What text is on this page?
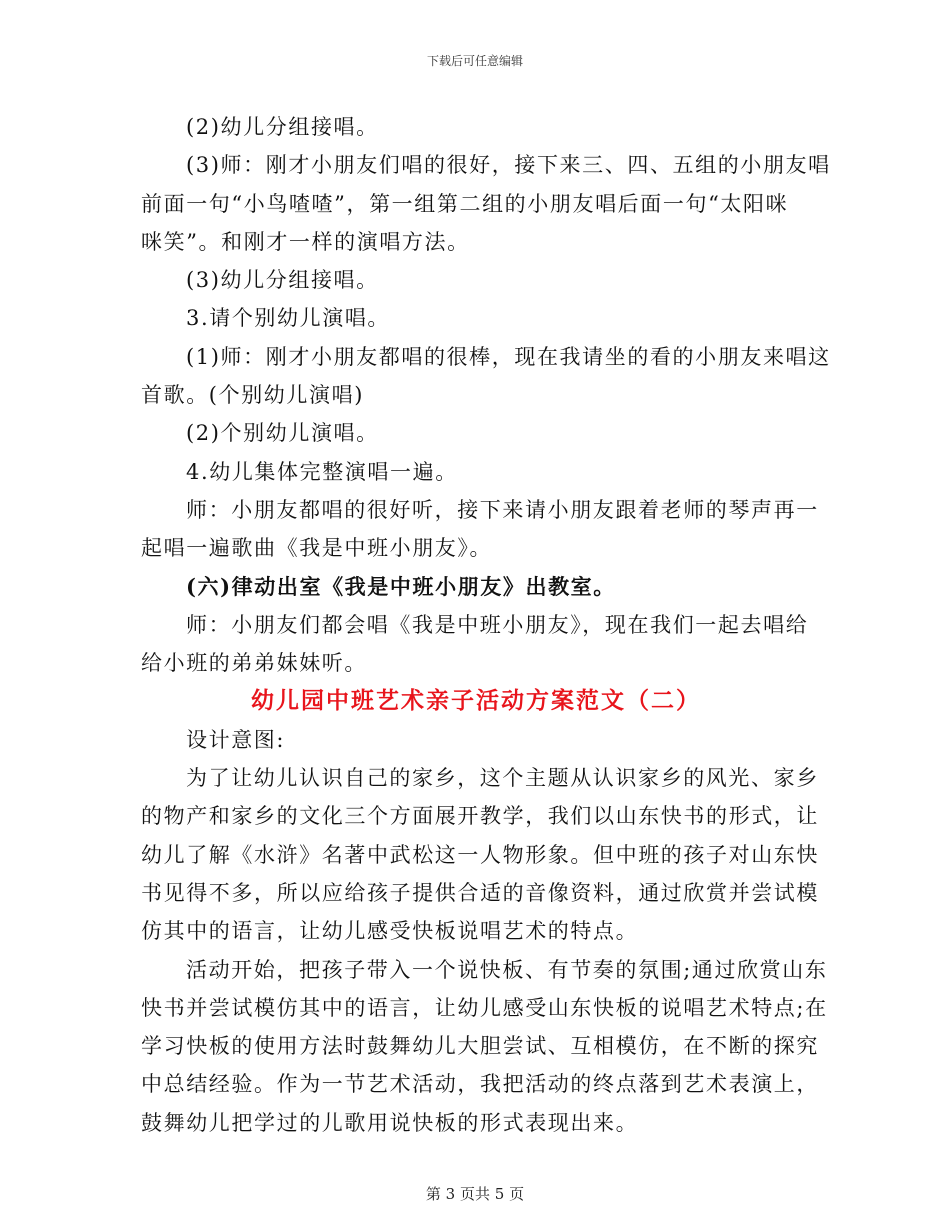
下载后可任意编辑
(2)幼儿分组接唱。
(3)师：刚才小朋友们唱的很好，接下来三、四、五组的小朋友唱
前面一句“小鸟喳喳”，第一组第二组的小朋友唱后面一句“太阳咪
咪笑”。和刚才一样的演唱方法。
(3)幼儿分组接唱。
3.请个别幼儿演唱。
(1)师：刚才小朋友都唱的很棒，现在我请坐的看的小朋友来唱这
首歌。(个别幼儿演唱)
(2)个别幼儿演唱。
4.幼儿集体完整演唱一遍。
师：小朋友都唱的很好听，接下来请小朋友跟着老师的琴声再一
起唱一遍歌曲《我是中班小朋友》。
(六)律动出室《我是中班小朋友》出教室。
师：小朋友们都会唱《我是中班小朋友》，现在我们一起去唱给
给小班的弟弟妹妹听。
幼儿园中班艺术亲子活动方案范文（二）
设计意图:
为了让幼儿认识自己的家乡，这个主题从认识家乡的风光、家乡
的物产和家乡的文化三个方面展开教学，我们以山东快书的形式，让
幼儿了解《水浒》名著中武松这一人物形象。但中班的孩子对山东快
书见得不多，所以应给孩子提供合适的音像资料，通过欣赏并尝试模
仿其中的语言，让幼儿感受快板说唱艺术的特点。
活动开始，把孩子带入一个说快板、有节奏的氛围;通过欣赏山东
快书并尝试模仿其中的语言，让幼儿感受山东快板的说唱艺术特点;在
学习快板的使用方法时鼓舞幼儿大胆尝试、互相模仿，在不断的探究
中总结经验。作为一节艺术活动，我把活动的终点落到艺术表演上，
鼓舞幼儿把学过的儿歌用说快板的形式表现出来。
第 3 页共 5 页
